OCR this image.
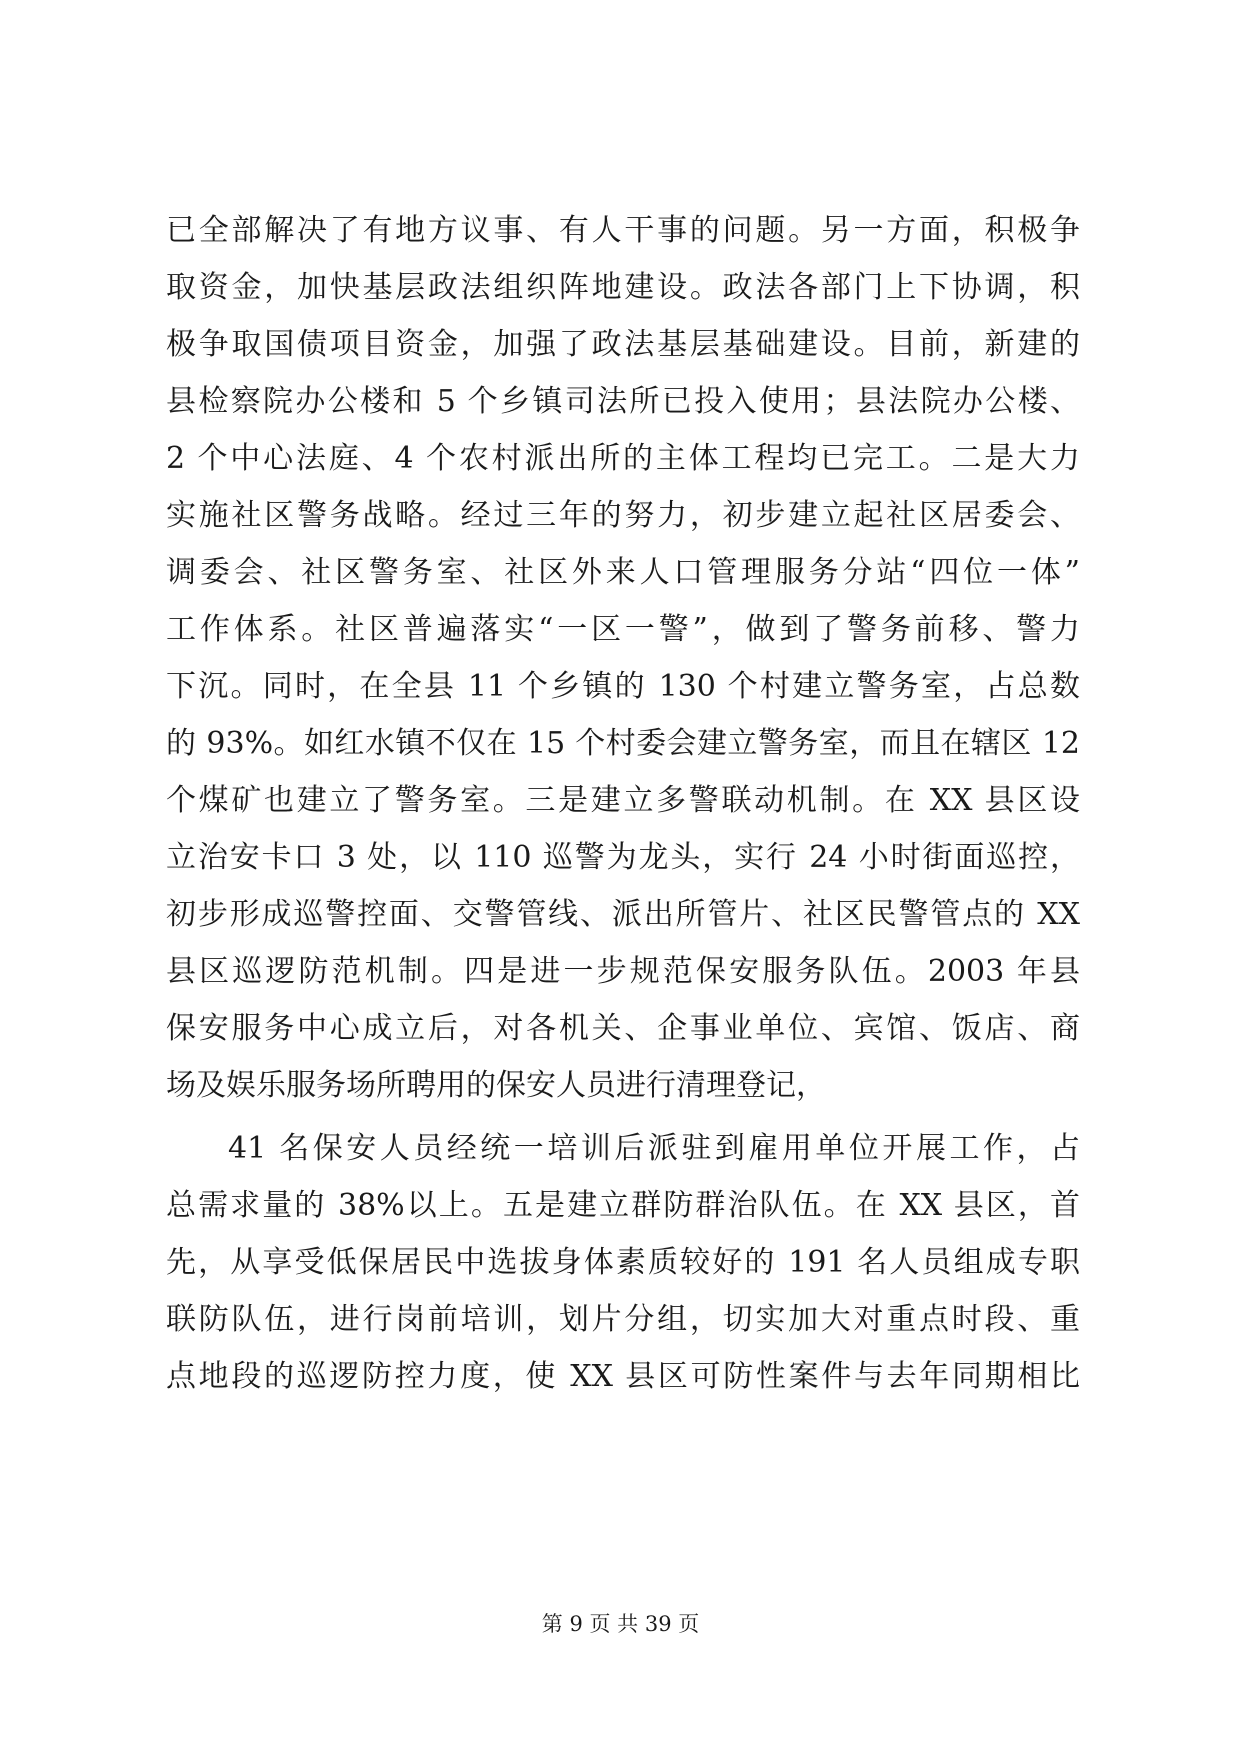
已全部解决了有地方议事、有人干事的问题。另一方面，积极争
取资金，加快基层政法组织阵地建设。政法各部门上下协调，积
极争取国债项目资金，加强了政法基层基础建设。目前，新建的
县检察院办公楼和 5 个乡镇司法所已投入使用；县法院办公楼、
2 个中心法庭、4 个农村派出所的主体工程均已完工。二是大力
实施社区警务战略。经过三年的努力，初步建立起社区居委会、
调委会、社区警务室、社区外来人口管理服务分站“四位一体”
工作体系。社区普遍落实“一区一警”，做到了警务前移、警力
下沉。同时，在全县 11 个乡镇的 130 个村建立警务室，占总数
的 93%。如红水镇不仅在 15 个村委会建立警务室，而且在辖区 12
个煤矿也建立了警务室。三是建立多警联动机制。在 XX 县区设
立治安卡口 3 处，以 110 巡警为龙头，实行 24 小时街面巡控，
初步形成巡警控面、交警管线、派出所管片、社区民警管点的 XX
县区巡逻防范机制。四是进一步规范保安服务队伍。2003 年县
保安服务中心成立后，对各机关、企事业单位、宾馆、饭店、商
场及娱乐服务场所聘用的保安人员进行清理登记，
41 名保安人员经统一培训后派驻到雇用单位开展工作，占
总需求量的 38%以上。五是建立群防群治队伍。在 XX 县区，首
先，从享受低保居民中选拔身体素质较好的 191 名人员组成专职
联防队伍，进行岗前培训，划片分组，切实加大对重点时段、重
点地段的巡逻防控力度，使 XX 县区可防性案件与去年同期相比
第 9 页 共 39 页
